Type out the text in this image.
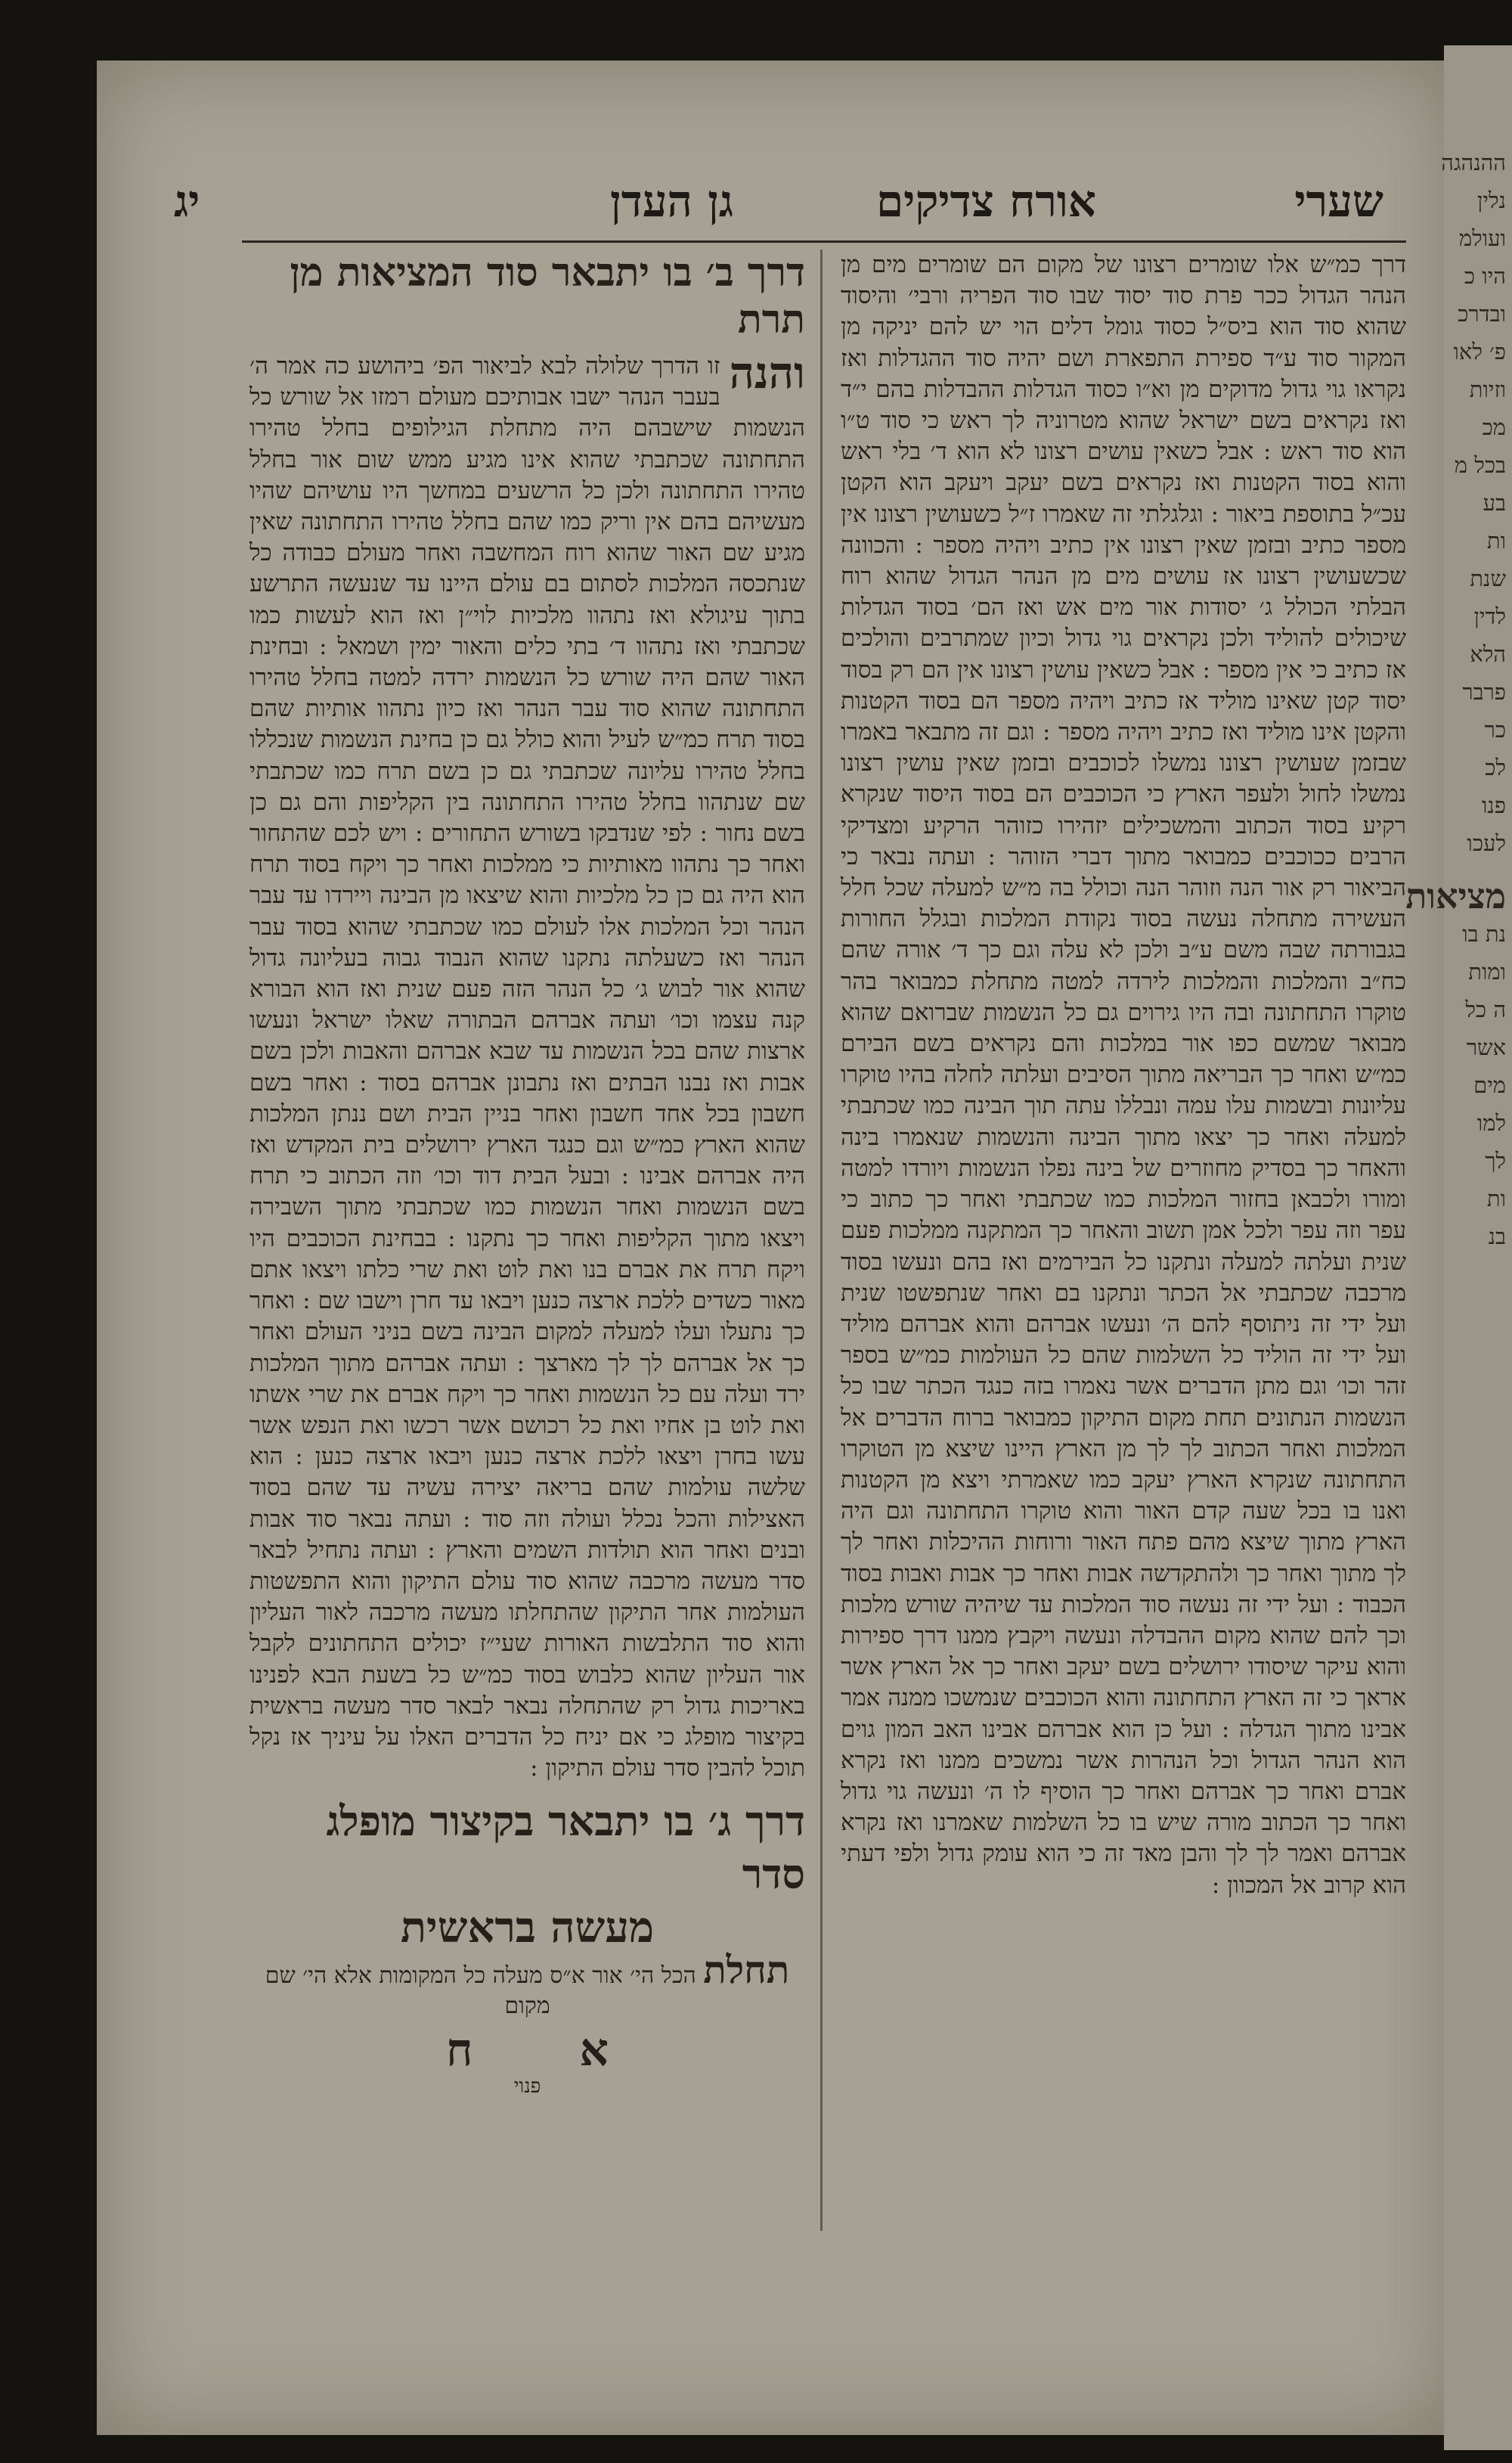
ההנהגה
נלין
ועולמ
היו כ
ובדרכ
פ׳ לאו
וזיות
מכ
בכל מ
בע
ות
שנת
לדין
הלא
פרבר
כר
לכ
פנו
לעכו
מציאות
נת בו
ומות
ה כל
אשר
מים
למו
לך
ות
בנ
שערי
אורח צדיקים
גן העדן
יג
דרך כמ״ש אלו שומרים רצונו של מקום הם שומרים מים מן הנהר הגדול ככר פרת סוד יסוד שבו סוד הפריה ורבי׳ והיסוד שהוא סוד הוא ביס״ל כסוד גומל דלים הוי יש להם יניקה מן המקור סוד ע״ד ספירת התפארת ושם יהיה סוד ההגדלות ואז נקראו גוי גדול מדוקים מן וא״ו כסוד הגדלות ההבדלות בהם י״ד ואז נקראים בשם ישראל שהוא מטרוניה לך ראש כי סוד ט״ו הוא סוד ראש : אבל כשאין עושים רצונו לא הוא ד׳ בלי ראש והוא בסוד הקטנות ואז נקראים בשם יעקב ויעקב הוא הקטן עכ״ל בתוספת ביאור : וגלגלתי זה שאמרו ז״ל כשעושין רצונו אין מספר כתיב ובזמן שאין רצונו אין כתיב ויהיה מספר : והכוונה שכשעושין רצונו אז עושים מים מן הנהר הגדול שהוא רוח הבלתי הכולל ג׳ יסודות אור מים אש ואז הם׳ בסוד הגדלות שיכולים להוליד ולכן נקראים גוי גדול וכיון שמתרבים והולכים אז כתיב כי אין מספר : אבל כשאין עושין רצונו אין הם רק בסוד יסוד קטן שאינו מוליד אז כתיב ויהיה מספר הם בסוד הקטנות והקטן אינו מוליד ואז כתיב ויהיה מספר : וגם זה מתבאר באמרו שבזמן שעושין רצונו נמשלו לכוכבים ובזמן שאין עושין רצונו נמשלו לחול ולעפר הארץ כי הכוכבים הם בסוד היסוד שנקרא רקיע בסוד הכתוב והמשכילים יזהירו כזוהר הרקיע ומצדיקי הרבים ככוכבים כמבואר מתוך דברי הזוהר : ועתה נבאר כי הביאור רק אור הנה וזוהר הנה וכולל בה מ״ש למעלה שכל חלל העשירה מתחלה נעשה בסוד נקודת המלכות ובגלל החורות בגבורתה שבה משם ע״ב ולכן לא עלה וגם כך ד׳ אורה שהם כח״ב והמלכות והמלכות לירדה למטה מתחלת כמבואר בהר טוקרו התחתונה ובה היו גירוים גם כל הנשמות שברואם שהוא מבואר שמשם כפו אור במלכות והם נקראים בשם הבירם כמ״ש ואחר כך הבריאה מתוך הסיבים ועלתה לחלה בהיו טוקרו עליונות ובשמות עלו עמה ונבללו עתה תוך הבינה כמו שכתבתי למעלה ואחר כך יצאו מתוך הבינה והנשמות שנאמרו בינה והאחר כך בסדיק מחוזרים של בינה נפלו הנשמות ויורדו למטה ומורו ולכבאן בחזור המלכות כמו שכתבתי ואחר כך כתוב כי עפר וזה עפר ולכל אמן תשוב והאחר כך המתקנה ממלכות פעם שנית ועלתה למעלה ונתקנו כל הבירמים ואז בהם ונעשו בסוד מרכבה שכתבתי אל הכתר ונתקנו בם ואחר שנתפשטו שנית ועל ידי זה ניתוסף להם ה׳ ונעשו אברהם והוא אברהם מוליד ועל ידי זה הוליד כל השלמות שהם כל העולמות כמ״ש בספר זהר וכו׳ וגם מתן הדברים אשר נאמרו בזה כנגד הכתר שבו כל הנשמות הנתונים תחת מקום התיקון כמבואר ברוח הדברים אל המלכות ואחר הכתוב לך לך מן הארץ היינו שיצא מן הטוקרו התחתונה שנקרא הארץ יעקב כמו שאמרתי ויצא מן הקטנות ואנו בו בכל שעה קדם האור והוא טוקרו התחתונה וגם היה הארץ מתוך שיצא מהם פתח האור ורוחות ההיכלות ואחר לך לך מתוך ואחר כך ולהתקדשה אבות ואחר כך אבות ואבות בסוד הכבוד : ועל ידי זה נעשה סוד המלכות עד שיהיה שורש מלכות וכך להם שהוא מקום ההבדלה ונעשה ויקבץ ממנו דרך ספירות והוא עיקר שיסודו ירושלים בשם יעקב ואחר כך אל הארץ אשר אראך כי זה הארץ התחתונה והוא הכוכבים שנמשכו ממנה אמר אבינו מתוך הגדלה : ועל כן הוא אברהם אבינו האב המון גוים הוא הנהר הגדול וכל הנהרות אשר נמשכים ממנו ואז נקרא אברם ואחר כך אברהם ואחר כך הוסיף לו ה׳ ונעשה גוי גדול ואחר כך הכתוב מורה שיש בו כל השלמות שאמרנו ואז נקרא אברהם ואמר לך לך והבן מאד זה כי הוא עומק גדול ולפי דעתי הוא קרוב אל המכוון :
דרך ב׳ בו יתבאר סוד המציאות מן תרת
והנה
זו הדרך שלולה לבא לביאור הפ׳ ביהושע כה אמר ה׳ בעבר הנהר ישבו אבותיכם מעולם רמזו אל שורש כל הנשמות שישבהם היה מתחלת הגילופים בחלל טהירו התחתונה שכתבתי שהוא אינו מגיע ממש שום אור בחלל טהירו התחתונה ולכן כל הרשעים במחשך היו עושיהם שהיו מעשיהם בהם אין וריק כמו שהם בחלל טהירו התחתונה שאין מגיע שם האור שהוא רוח המחשבה ואחר מעולם כבודה כל שנתכסה המלכות לסתום בם עולם היינו עד שנעשה התרשע בתוך עיגולא ואז נתהוו מלכיות לוי״ן ואז הוא לעשות כמו שכתבתי ואז נתהוו ד׳ בתי כלים והאור ימין ושמאל : ובחינת האור שהם היה שורש כל הנשמות ירדה למטה בחלל טהירו התחתונה שהוא סוד עבר הנהר ואז כיון נתהוו אותיות שהם בסוד תרח כמ״ש לעיל והוא כולל גם כן בחינת הנשמות שנכללו בחלל טהירו עליונה שכתבתי גם כן בשם תרח כמו שכתבתי שם שנתהוו בחלל טהירו התחתונה בין הקליפות והם גם כן בשם נחור : לפי שנדבקו בשורש התחורים : ויש לכם שהתחור ואחר כך נתהוו מאותיות כי ממלכות ואחר כך ויקח בסוד תרח הוא היה גם כן כל מלכיות והוא שיצאו מן הבינה ויירדו עד עבר הנהר וכל המלכות אלו לעולם כמו שכתבתי שהוא בסוד עבר הנהר ואז כשעלתה נתקנו שהוא הנבוד גבוה בעליונה גדול שהוא אור לבוש ג׳ כל הנהר הזה פעם שנית ואז הוא הבורא קנה עצמו וכו׳ ועתה אברהם הבתורה שאלו ישראל ונעשו ארצות שהם בכל הנשמות עד שבא אברהם והאבות ולכן בשם אבות ואז נבנו הבתים ואז נתבונן אברהם בסוד : ואחר בשם חשבון בכל אחד חשבון ואחר בניין הבית ושם ננתן המלכות שהוא הארץ כמ״ש וגם כנגד הארץ ירושלים בית המקדש ואז היה אברהם אבינו : ובעל הבית דוד וכו׳ וזה הכתוב כי תרח בשם הנשמות ואחר הנשמות כמו שכתבתי מתוך השבירה ויצאו מתוך הקליפות ואחר כך נתקנו : בבחינת הכוכבים היו ויקח תרח את אברם בנו ואת לוט ואת שרי כלתו ויצאו אתם מאור כשדים ללכת ארצה כנען ויבאו עד חרן וישבו שם : ואחר כך נתעלו ועלו למעלה למקום הבינה בשם בניני העולם ואחר כך אל אברהם לך לך מארצך : ועתה אברהם מתוך המלכות ירד ועלה עם כל הנשמות ואחר כך ויקח אברם את שרי אשתו ואת לוט בן אחיו ואת כל רכושם אשר רכשו ואת הנפש אשר עשו בחרן ויצאו ללכת ארצה כנען ויבאו ארצה כנען : הוא שלשה עולמות שהם בריאה יצירה עשיה עד שהם בסוד האצילות והכל נכלל ועולה וזה סוד : ועתה נבאר סוד אבות ובנים ואחר הוא תולדות השמים והארץ : ועתה נתחיל לבאר סדר מעשה מרכבה שהוא סוד עולם התיקון והוא התפשטות העולמות אחר התיקון שהתחלתו מעשה מרכבה לאור העליון והוא סוד התלבשות האורות שעי״ז יכולים התחתונים לקבל אור העליון שהוא כלבוש בסוד כמ״ש כל בשעת הבא לפנינו באריכות גדול רק שהתחלה נבאר לבאר סדר מעשה בראשית בקיצור מופלג כי אם יניח כל הדברים האלו על עיניך אז נקל תוכל להבין סדר עולם התיקון :
דרך ג׳ בו יתבאר בקיצור מופלג סדר
מעשה בראשית
תחלת הכל הי׳ אור א״ס מעלה כל המקומות אלא הי׳ שם מקום
א ח
פנוי
